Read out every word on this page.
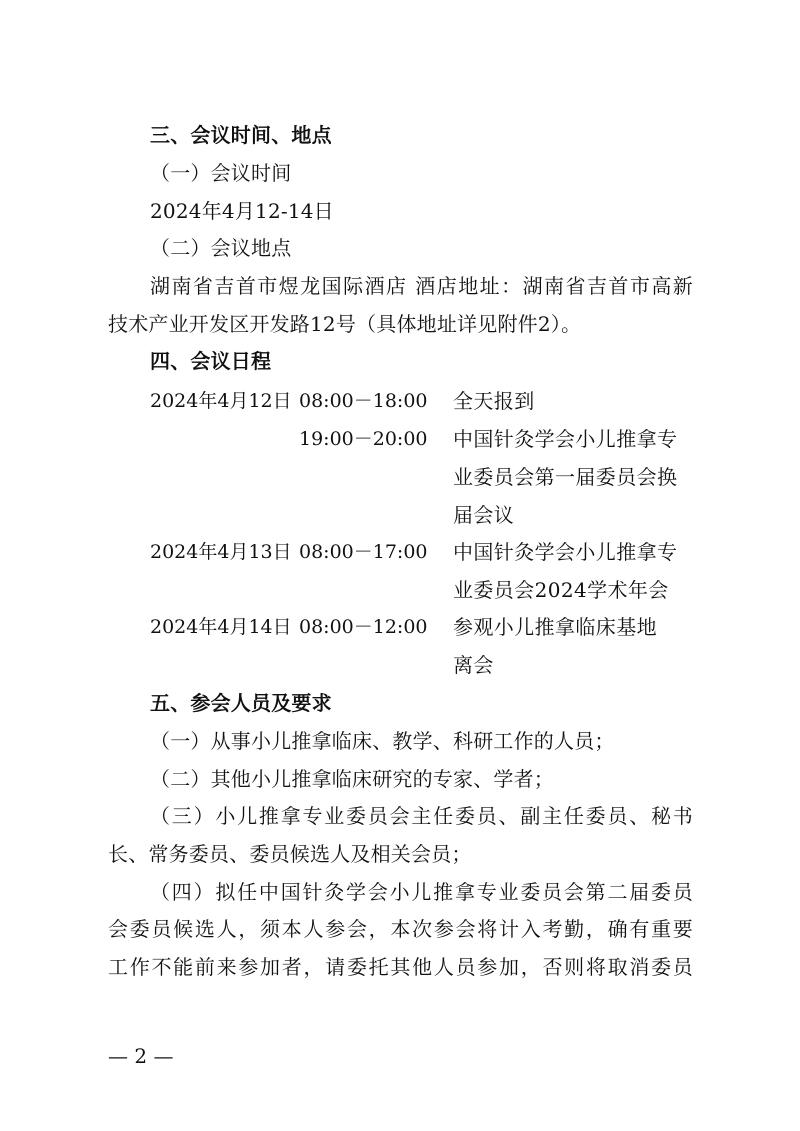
三、会议时间、地点
（一）会议时间
2024年4月12-14日
（二）会议地点
湖南省吉首市煜龙国际酒店 酒店地址：湖南省吉首市高新
技术产业开发区开发路12号（具体地址详见附件2）。
四、会议日程
2024年4月12日 08:00－18:00	全天报到
19:00－20:00	中国针灸学会小儿推拿专
业委员会第一届委员会换
届会议
2024年4月13日 08:00－17:00	中国针灸学会小儿推拿专
业委员会2024学术年会
2024年4月14日 08:00－12:00	参观小儿推拿临床基地
离会
五、参会人员及要求
（一）从事小儿推拿临床、教学、科研工作的人员；
（二）其他小儿推拿临床研究的专家、学者；
（三）小儿推拿专业委员会主任委员、副主任委员、秘书
长、常务委员、委员候选人及相关会员；
（四）拟任中国针灸学会小儿推拿专业委员会第二届委员
会委员候选人，须本人参会，本次参会将计入考勤，确有重要
工作不能前来参加者，请委托其他人员参加，否则将取消委员
— 2 —
